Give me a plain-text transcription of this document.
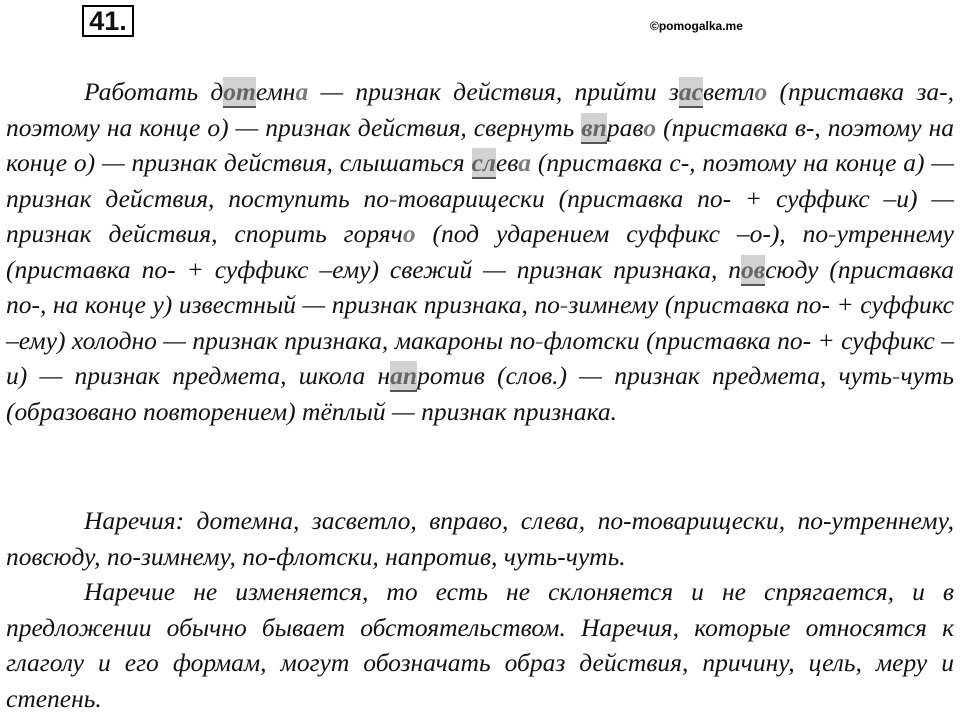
41.	©pomogalka.me

Работать дотемна — признак действия, прийти засветло (приставка за-, поэтому на конце о) — признак действия, свернуть вправо (приставка в-, поэтому на конце о) — признак действия, слышаться слева (приставка с-, поэтому на конце а) — признак действия, поступить по-товарищески (приставка по- + суффикс –и) — признак действия, спорить горячо (под ударением суффикс –о-), по-утреннему (приставка по- + суффикс –ему) свежий — признак признака, повсюду (приставка по-, на конце у) известный — признак признака, по-зимнему (приставка по- + суффикс –ему) холодно — признак признака, макароны по-флотски (приставка по- + суффикс –и) — признак предмета, школа напротив (слов.) — признак предмета, чуть-чуть (образовано повторением) тёплый — признак признака.

Наречия: дотемна, засветло, вправо, слева, по-товарищески, по-утреннему, повсюду, по-зимнему, по-флотски, напротив, чуть-чуть.

Наречие не изменяется, то есть не склоняется и не спрягается, и в предложении обычно бывает обстоятельством. Наречия, которые относятся к глаголу и его формам, могут обозначать образ действия, причину, цель, меру и степень.
